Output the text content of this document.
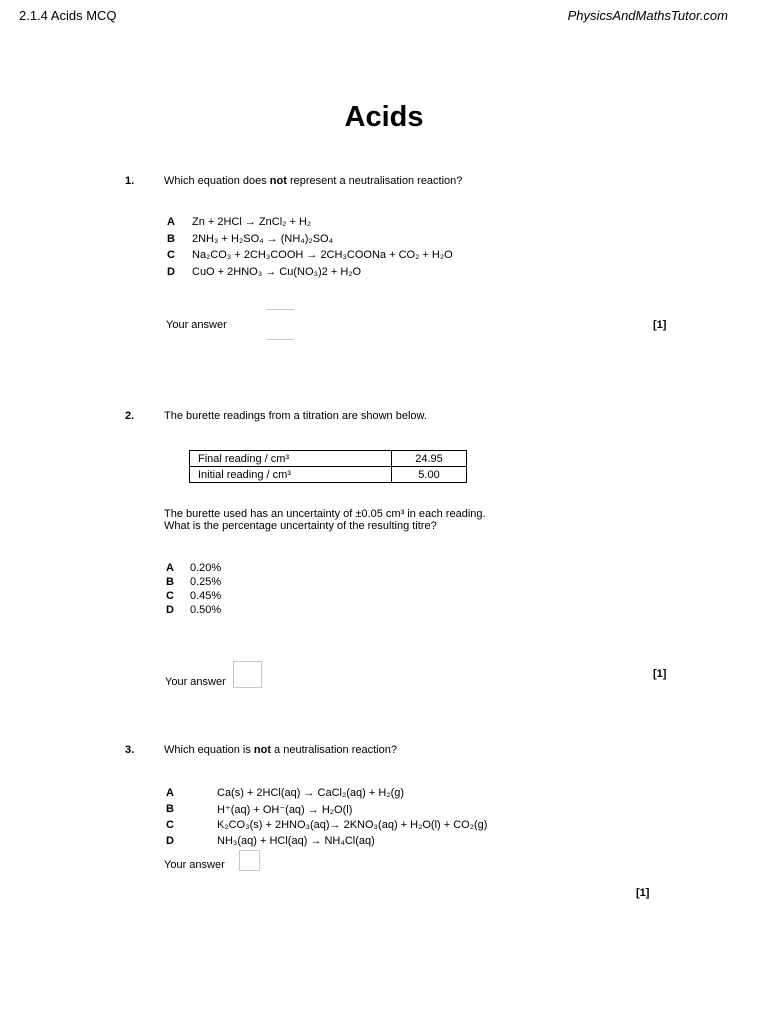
2.1.4 Acids MCQ	PhysicsAndMathsTutor.com
Acids
1.	Which equation does not represent a neutralisation reaction?
A Zn + 2HCl → ZnCl₂ + H₂
B 2NH₃ + H₂SO₄ → (NH₄)₂SO₄
C Na₂CO₃ + 2CH₃COOH → 2CH₃COONa + CO₂ + H₂O
D CuO + 2HNO₃ → Cu(NO₃)2 + H₂O
Your answer	[1]
2.	The burette readings from a titration are shown below.
Final reading / cm³	24.95
Initial reading / cm³	5.00
The burette used has an uncertainty of ±0.05 cm³ in each reading.
What is the percentage uncertainty of the resulting titre?
A 0.20%
B 0.25%
C 0.45%
D 0.50%
Your answer
[1]
3.	Which equation is not a neutralisation reaction?
A	Ca(s) + 2HCl(aq) → CaCl₂(aq) + H₂(g)
B	H⁺(aq) + OH⁻(aq) → H₂O(l)
C	K₂CO₃(s) + 2HNO₃(aq)→ 2KNO₃(aq) + H₂O(l) + CO₂(g)
D	NH₃(aq) + HCl(aq) → NH₄Cl(aq)
Your answer
[1]
